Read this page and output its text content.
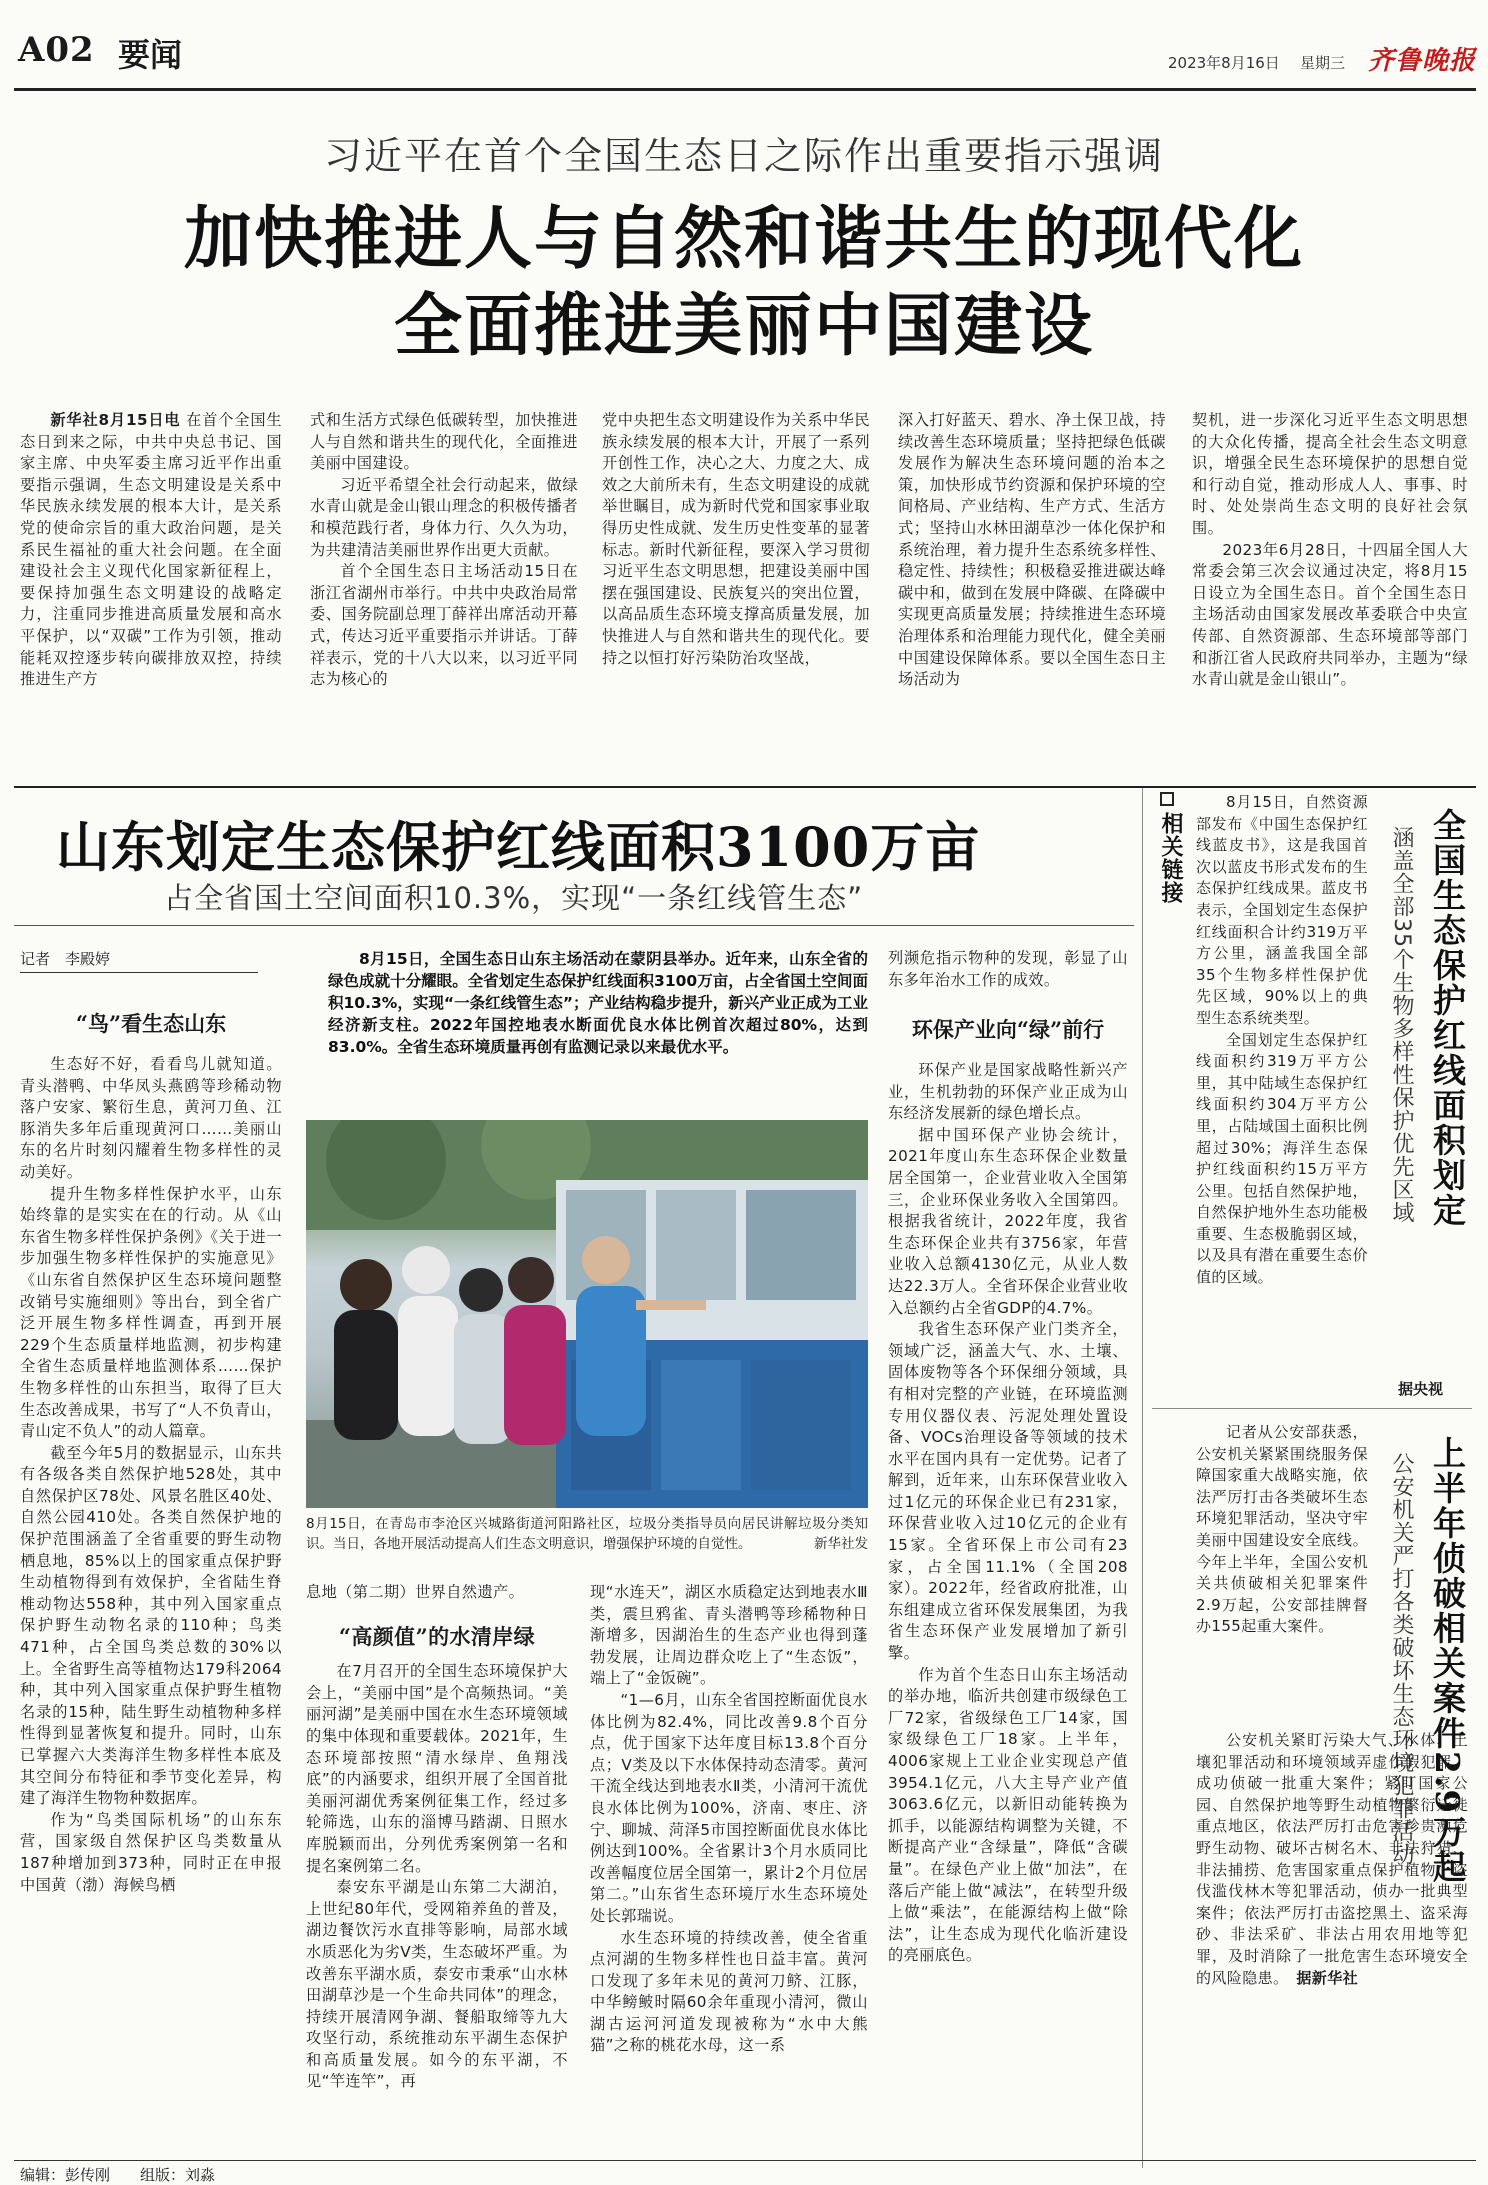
A02 要闻	2023年8月16日 星期三 齐鲁晚报
习近平在首个全国生态日之际作出重要指示强调
加快推进人与自然和谐共生的现代化
全面推进美丽中国建设

新华社8月15日电 在首个全国生态日到来之际，中共中央总书记、国家主席、中央军委主席习近平作出重要指示强调，生态文明建设是关系中华民族永续发展的根本大计，是关系党的使命宗旨的重大政治问题，是关系民生福祉的重大社会问题。在全面建设社会主义现代化国家新征程上，要保持加强生态文明建设的战略定力，注重同步推进高质量发展和高水平保护，以“双碳”工作为引领，推动能耗双控逐步转向碳排放双控，持续推进生产方

式和生活方式绿色低碳转型，加快推进人与自然和谐共生的现代化，全面推进美丽中国建设。

习近平希望全社会行动起来，做绿水青山就是金山银山理念的积极传播者和模范践行者，身体力行、久久为功，为共建清洁美丽世界作出更大贡献。

首个全国生态日主场活动15日在浙江省湖州市举行。中共中央政治局常委、国务院副总理丁薛祥出席活动开幕式，传达习近平重要指示并讲话。丁薛祥表示，党的十八大以来，以习近平同志为核心的

党中央把生态文明建设作为关系中华民族永续发展的根本大计，开展了一系列开创性工作，决心之大、力度之大、成效之大前所未有，生态文明建设的成就举世瞩目，成为新时代党和国家事业取得历史性成就、发生历史性变革的显著标志。新时代新征程，要深入学习贯彻习近平生态文明思想，把建设美丽中国摆在强国建设、民族复兴的突出位置，以高品质生态环境支撑高质量发展，加快推进人与自然和谐共生的现代化。要持之以恒打好污染防治攻坚战，

深入打好蓝天、碧水、净土保卫战，持续改善生态环境质量；坚持把绿色低碳发展作为解决生态环境问题的治本之策，加快形成节约资源和保护环境的空间格局、产业结构、生产方式、生活方式；坚持山水林田湖草沙一体化保护和系统治理，着力提升生态系统多样性、稳定性、持续性；积极稳妥推进碳达峰碳中和，做到在发展中降碳、在降碳中实现更高质量发展；持续推进生态环境治理体系和治理能力现代化，健全美丽中国建设保障体系。要以全国生态日主场活动为

契机，进一步深化习近平生态文明思想的大众化传播，提高全社会生态文明意识，增强全民生态环境保护的思想自觉和行动自觉，推动形成人人、事事、时时、处处崇尚生态文明的良好社会氛围。

2023年6月28日，十四届全国人大常委会第三次会议通过决定，将8月15日设立为全国生态日。首个全国生态日主场活动由国家发展改革委联合中央宣传部、自然资源部、生态环境部等部门和浙江省人民政府共同举办，主题为“绿水青山就是金山银山”。

山东划定生态保护红线面积3100万亩
占全省国土空间面积10.3%，实现“一条红线管生态”
记者　李殿婷	8月15日，全国生态日山东主场活动在蒙阴县举办。近年来，山东全省的绿色成就十分耀眼。全省划定生态保护红线面积3100万亩，占全省国土空间面积10.3%，实现“一条红线管生态”；产业结构稳步提升，新兴产业正成为工业经济新支柱。2022年国控地表水断面优良水体比例首次超过80%，达到83.0%。全省生态环境质量再创有监测记录以来最优水平。
“鸟”看生态山东

生态好不好，看看鸟儿就知道。青头潜鸭、中华凤头燕鸥等珍稀动物落户安家、繁衍生息，黄河刀鱼、江豚消失多年后重现黄河口……美丽山东的名片时刻闪耀着生物多样性的灵动美好。

提升生物多样性保护水平，山东始终靠的是实实在在的行动。从《山东省生物多样性保护条例》《关于进一步加强生物多样性保护的实施意见》《山东省自然保护区生态环境问题整改销号实施细则》等出台，到全省广泛开展生物多样性调查，再到开展229个生态质量样地监测，初步构建全省生态质量样地监测体系……保护生物多样性的山东担当，取得了巨大生态改善成果，书写了“人不负青山，青山定不负人”的动人篇章。

截至今年5月的数据显示，山东共有各级各类自然保护地528处，其中自然保护区78处、风景名胜区40处、自然公园410处。各类自然保护地的保护范围涵盖了全省重要的野生动物栖息地，85%以上的国家重点保护野生动植物得到有效保护，全省陆生脊椎动物达558种，其中列入国家重点保护野生动物名录的110种；鸟类471种，占全国鸟类总数的30%以上。全省野生高等植物达179科2064种，其中列入国家重点保护野生植物名录的15种，陆生野生动植物种多样性得到显著恢复和提升。同时，山东已掌握六大类海洋生物多样性本底及其空间分布特征和季节变化差异，构建了海洋生物物种数据库。

作为“鸟类国际机场”的山东东营，国家级自然保护区鸟类数量从187种增加到373种，同时正在申报中国黄（渤）海候鸟栖

8月15日，在青岛市李沧区兴城路街道河阳路社区，垃圾分类指导员向居民讲解垃圾分类知识。当日，各地开展活动提高人们生态文明意识，增强保护环境的自觉性。	新华社发

息地（第二期）世界自然遗产。

“高颜值”的水清岸绿

在7月召开的全国生态环境保护大会上，“美丽中国”是个高频热词。“美丽河湖”是美丽中国在水生态环境领域的集中体现和重要载体。2021年，生态环境部按照“清水绿岸、鱼翔浅底”的内涵要求，组织开展了全国首批美丽河湖优秀案例征集工作，经过多轮筛选，山东的淄博马踏湖、日照水库脱颖而出，分列优秀案例第一名和提名案例第二名。

泰安东平湖是山东第二大湖泊，上世纪80年代，受网箱养鱼的普及，湖边餐饮污水直排等影响，局部水域水质恶化为劣Ⅴ类，生态破坏严重。为改善东平湖水质，泰安市秉承“山水林田湖草沙是一个生命共同体”的理念，持续开展清网争湖、餐船取缔等九大攻坚行动，系统推动东平湖生态保护和高质量发展。如今的东平湖，不见“竿连竿”，再

现“水连天”，湖区水质稳定达到地表水Ⅲ类，震旦鸦雀、青头潜鸭等珍稀物种日渐增多，因湖治生的生态产业也得到蓬勃发展，让周边群众吃上了“生态饭”，端上了“金饭碗”。

“1—6月，山东全省国控断面优良水体比例为82.4%，同比改善9.8个百分点，优于国家下达年度目标13.8个百分点；Ⅴ类及以下水体保持动态清零。黄河干流全线达到地表水Ⅱ类，小清河干流优良水体比例为100%，济南、枣庄、济宁、聊城、菏泽5市国控断面优良水体比例达到100%。全省累计3个月水质同比改善幅度位居全国第一，累计2个月位居第二。”山东省生态环境厅水生态环境处处长郭瑞说。

水生态环境的持续改善，使全省重点河湖的生物多样性也日益丰富。黄河口发现了多年未见的黄河刀鲚、江豚，中华鳑鲏时隔60余年重现小清河，微山湖古运河河道发现被称为“水中大熊猫”之称的桃花水母，这一系

列濒危指示物种的发现，彰显了山东多年治水工作的成效。

环保产业向“绿”前行

环保产业是国家战略性新兴产业，生机勃勃的环保产业正成为山东经济发展新的绿色增长点。

据中国环保产业协会统计，2021年度山东生态环保企业数量居全国第一，企业营业收入全国第三，企业环保业务收入全国第四。根据我省统计，2022年度，我省生态环保企业共有3756家，年营业收入总额4130亿元，从业人数达22.3万人。全省环保企业营业收入总额约占全省GDP的4.7%。

我省生态环保产业门类齐全，领域广泛，涵盖大气、水、土壤、固体废物等各个环保细分领域，具有相对完整的产业链，在环境监测专用仪器仪表、污泥处理处置设备、VOCs治理设备等领域的技术水平在国内具有一定优势。记者了解到，近年来，山东环保营业收入过1亿元的环保企业已有231家，环保营业收入过10亿元的企业有15家。全省环保上市公司有23家，占全国11.1%（全国208家）。2022年，经省政府批准，山东组建成立省环保发展集团，为我省生态环保产业发展增加了新引擎。

作为首个生态日山东主场活动的举办地，临沂共创建市级绿色工厂72家，省级绿色工厂14家，国家级绿色工厂18家。上半年，4006家规上工业企业实现总产值3954.1亿元，八大主导产业产值3063.6亿元，以新旧动能转换为抓手，以能源结构调整为关键，不断提高产业“含绿量”，降低“含碳量”。在绿色产业上做“加法”，在落后产能上做“减法”，在转型升级上做“乘法”，在能源结构上做“除法”，让生态成为现代化临沂建设的亮丽底色。

相关链接

8月15日，自然资源部发布《中国生态保护红线蓝皮书》，这是我国首次以蓝皮书形式发布的生态保护红线成果。蓝皮书表示，全国划定生态保护红线面积合计约319万平方公里，涵盖我国全部35个生物多样性保护优先区域，90%以上的典型生态系统类型。

全国划定生态保护红线面积约319万平方公里，其中陆域生态保护红线面积约304万平方公里，占陆域国土面积比例超过30%；海洋生态保护红线面积约15万平方公里。包括自然保护地，自然保护地外生态功能极重要、生态极脆弱区域，以及具有潜在重要生态价值的区域。

全国生态保护红线面积划定
涵盖全部35个生物多样性保护优先区域
据央视

记者从公安部获悉，公安机关紧紧围绕服务保障国家重大战略实施，依法严厉打击各类破坏生态环境犯罪活动，坚决守牢美丽中国建设安全底线。今年上半年，全国公安机关共侦破相关犯罪案件2.9万起，公安部挂牌督办155起重大案件。	上半年侦破相关案件2.9万起
公安机关严打各类破坏生态环境犯罪活动

公安机关紧盯污染大气、水体、土壤犯罪活动和环境领域弄虚作假犯罪，成功侦破一批重大案件；紧盯国家公园、自然保护地等野生动植物繁衍迁徙重点地区，依法严厉打击危害珍贵濒危野生动物、破坏古树名木、非法狩猎、非法捕捞、危害国家重点保护植物、盗伐滥伐林木等犯罪活动，侦办一批典型案件；依法严厉打击盗挖黑土、盗采海砂、非法采矿、非法占用农用地等犯罪，及时消除了一批危害生态环境安全的风险隐患。 据新华社

编辑：彭传刚 组版：刘淼
